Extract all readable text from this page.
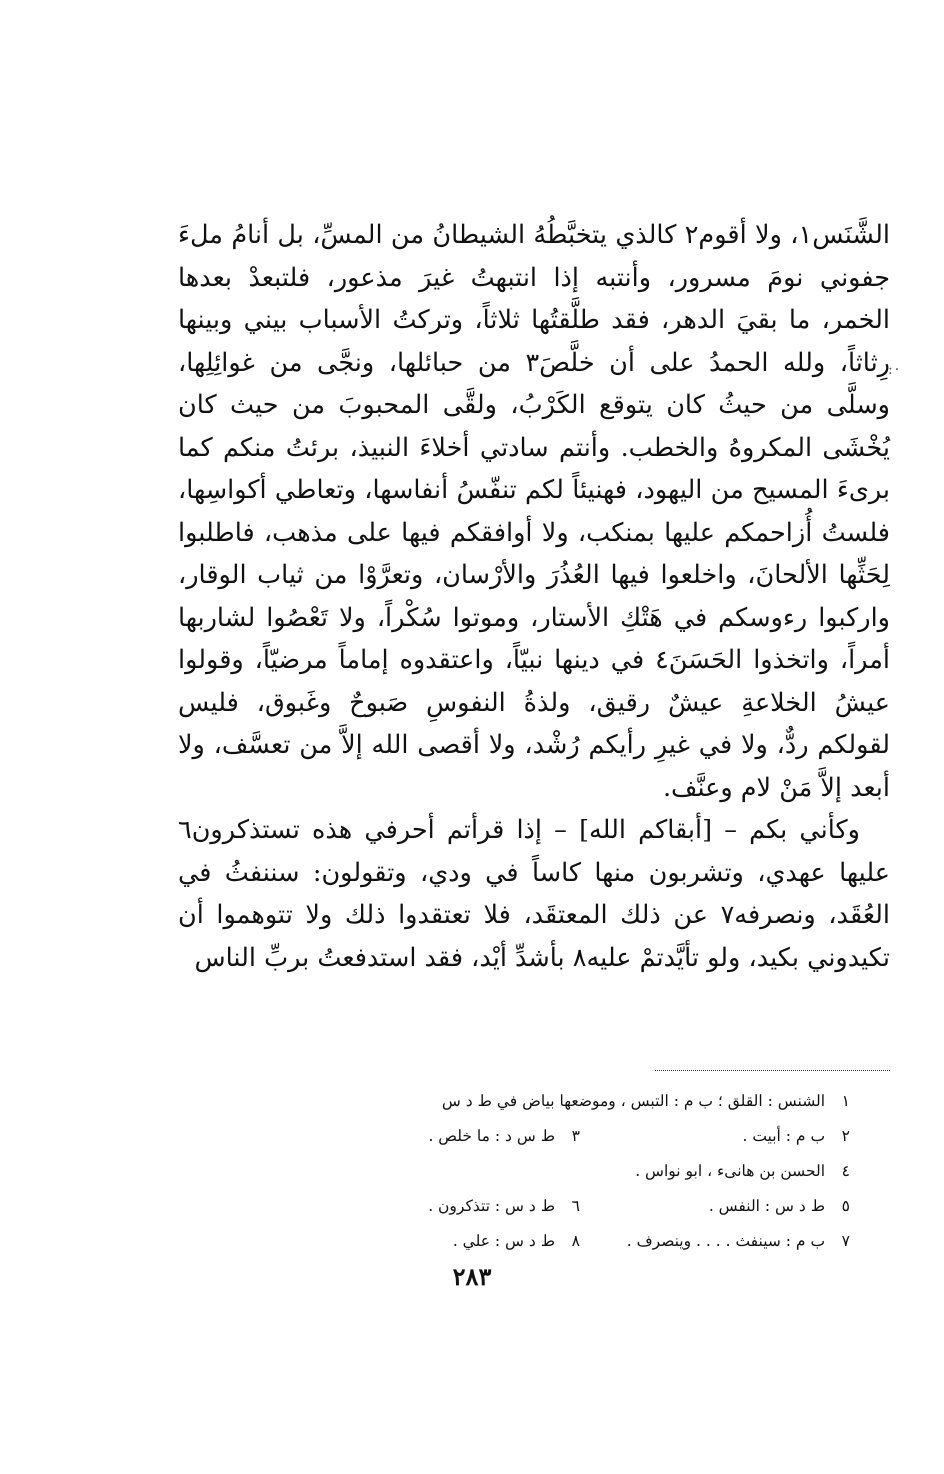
:·

الشَّنَس١، ولا أقوم٢ كالذي يتخبَّطُهُ الشيطانُ من المسِّ، بل أنامُ ملءَ جفوني نومَ مسرور، وأنتبه إذا انتبهتُ غيرَ مذعور، فلتبعدْ بعدها الخمر، ما بقيَ الدهر، فقد طلَّقتُها ثلاثاً، وتركتُ الأسباب بيني وبينها رِثاثاً، ولله الحمدُ على أن خلَّصَ٣ من حبائلها، ونجَّى من غوائِلِها، وسلَّى من حيثُ كان يتوقع الكَرْبُ، ولقَّى المحبوبَ من حيث كان يُخْشَى المكروهُ والخطب. وأنتم سادتي أخلاءَ النبيذ، برئتُ منكم كما برىءَ المسيح من اليهود، فهنيئاً لكم تنفّسُ أنفاسها، وتعاطي أكواسِها، فلستُ أُزاحمكم عليها بمنكب، ولا أوافقكم فيها على مذهب، فاطلبوا لِحَثِّها الألحانَ، واخلعوا فيها العُذُرَ والأرْسان، وتعرَّوْا من ثياب الوقار، واركبوا رءوسكم في هَتْكِ الأستار، وموتوا سُكْراً، ولا تَعْصُوا لشاربها أمراً، واتخذوا الحَسَنَ٤ في دينها نبيّاً، واعتقدوه إماماً مرضيّاً، وقولوا عيشُ الخلاعةِ عيشٌ رقيق، ولذةُ النفوسِ صَبوحٌ وغَبوق، فليس لقولكم ردٌّ، ولا في غيرِ رأيكم رُشْد، ولا أقصى الله إلاَّ من تعسَّف، ولا أبعد إلاَّ مَنْ لام وعنَّف.

وكأني بكم – [أبقاكم الله] – إذا قرأتم أحرفي هذه تستذكرون٦ عليها عهدي، وتشربون منها كاساً في ودي، وتقولون: سننفثُ في العُقَد، ونصرفه٧ عن ذلك المعتقَد، فلا تعتقدوا ذلك ولا تتوهموا أن تكيدوني بكيد، ولو تأيَّدتمْ عليه٨ بأشدِّ أيْد، فقد استدفعتُ بربِّ الناس

١ الشنس : القلق ؛ ب م : التبس ، وموضعها بياض في ط د س
٢ ب م : أبيت .
٣ ط س د : ما خلص .
٤ الحسن بن هانىء ، ابو نواس .
٥ ط د س : النفس .
٦ ط د س : تتذكرون .
٧ ب م : سينفث . . . . وينصرف .
٨ ط د س : علي .
٢٨٣
